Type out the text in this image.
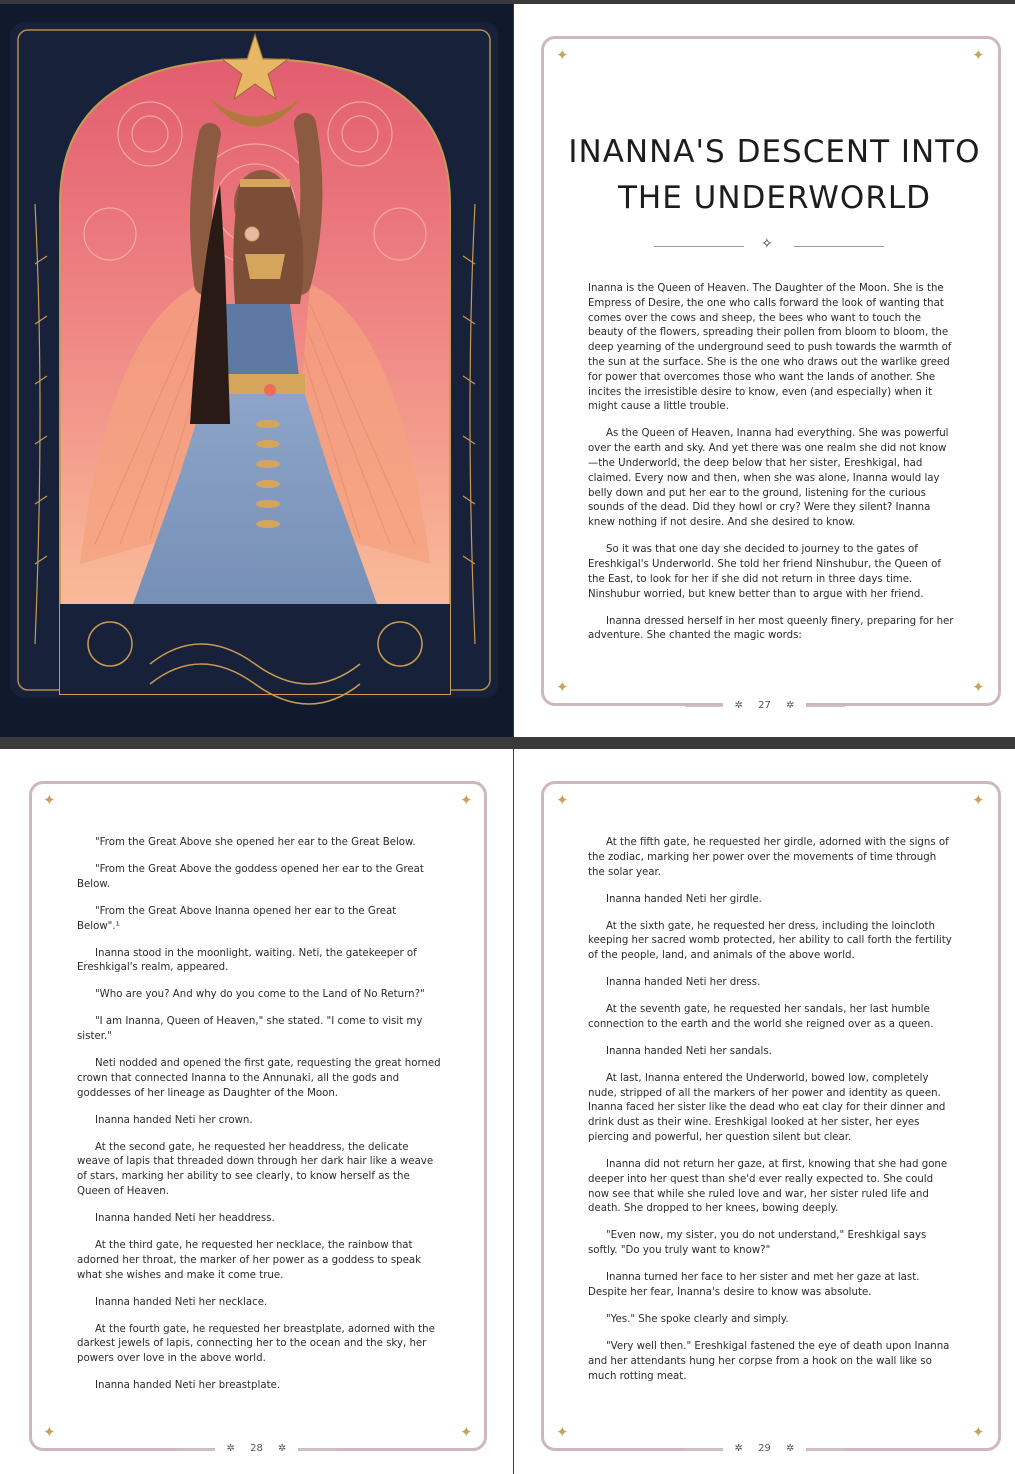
✦	✦
✦	✦
INANNA'S DESCENT INTO
THE UNDERWORLD
✧

Inanna is the Queen of Heaven. The Daughter of the Moon. She is the Empress of Desire, the one who calls forward the look of wanting that comes over the cows and sheep, the bees who want to touch the beauty of the flowers, spreading their pollen from bloom to bloom, the deep yearning of the underground seed to push towards the warmth of the sun at the surface. She is the one who draws out the warlike greed for power that overcomes those who want the lands of another. She incites the irresistible desire to know, even (and especially) when it might cause a little trouble.

As the Queen of Heaven, Inanna had everything. She was powerful over the earth and sky. And yet there was one realm she did not know—the Underworld, the deep below that her sister, Ereshkigal, had claimed. Every now and then, when she was alone, Inanna would lay belly down and put her ear to the ground, listening for the curious sounds of the dead. Did they howl or cry? Were they silent? Inanna knew nothing if not desire. And she desired to know.

So it was that one day she decided to journey to the gates of Ereshkigal's Underworld. She told her friend Ninshubur, the Queen of the East, to look for her if she did not return in three days time. Ninshubur worried, but knew better than to argue with her friend.

Inanna dressed herself in her most queenly finery, preparing for her adventure. She chanted the magic words:

✲ 27 ✲
✦	✦
✦	✦

"From the Great Above she opened her ear to the Great Below.

"From the Great Above the goddess opened her ear to the Great Below.

"From the Great Above Inanna opened her ear to the Great Below".¹

Inanna stood in the moonlight, waiting. Neti, the gatekeeper of Ereshkigal's realm, appeared.

"Who are you? And why do you come to the Land of No Return?"

"I am Inanna, Queen of Heaven," she stated. "I come to visit my sister."

Neti nodded and opened the first gate, requesting the great horned crown that connected Inanna to the Annunaki, all the gods and goddesses of her lineage as Daughter of the Moon.

Inanna handed Neti her crown.

At the second gate, he requested her headdress, the delicate weave of lapis that threaded down through her dark hair like a weave of stars, marking her ability to see clearly, to know herself as the Queen of Heaven.

Inanna handed Neti her headdress.

At the third gate, he requested her necklace, the rainbow that adorned her throat, the marker of her power as a goddess to speak what she wishes and make it come true.

Inanna handed Neti her necklace.

At the fourth gate, he requested her breastplate, adorned with the darkest jewels of lapis, connecting her to the ocean and the sky, her powers over love in the above world.

Inanna handed Neti her breastplate.

✲ 28 ✲
✦	✦
✦	✦

At the fifth gate, he requested her girdle, adorned with the signs of the zodiac, marking her power over the movements of time through the solar year.

Inanna handed Neti her girdle.

At the sixth gate, he requested her dress, including the loincloth keeping her sacred womb protected, her ability to call forth the fertility of the people, land, and animals of the above world.

Inanna handed Neti her dress.

At the seventh gate, he requested her sandals, her last humble connection to the earth and the world she reigned over as a queen.

Inanna handed Neti her sandals.

At last, Inanna entered the Underworld, bowed low, completely nude, stripped of all the markers of her power and identity as queen. Inanna faced her sister like the dead who eat clay for their dinner and drink dust as their wine. Ereshkigal looked at her sister, her eyes piercing and powerful, her question silent but clear.

Inanna did not return her gaze, at first, knowing that she had gone deeper into her quest than she'd ever really expected to. She could now see that while she ruled love and war, her sister ruled life and death. She dropped to her knees, bowing deeply.

"Even now, my sister, you do not understand," Ereshkigal says softly. "Do you truly want to know?"

Inanna turned her face to her sister and met her gaze at last. Despite her fear, Inanna's desire to know was absolute.

"Yes." She spoke clearly and simply.

"Very well then." Ereshkigal fastened the eye of death upon Inanna and her attendants hung her corpse from a hook on the wall like so much rotting meat.

✲ 29 ✲
